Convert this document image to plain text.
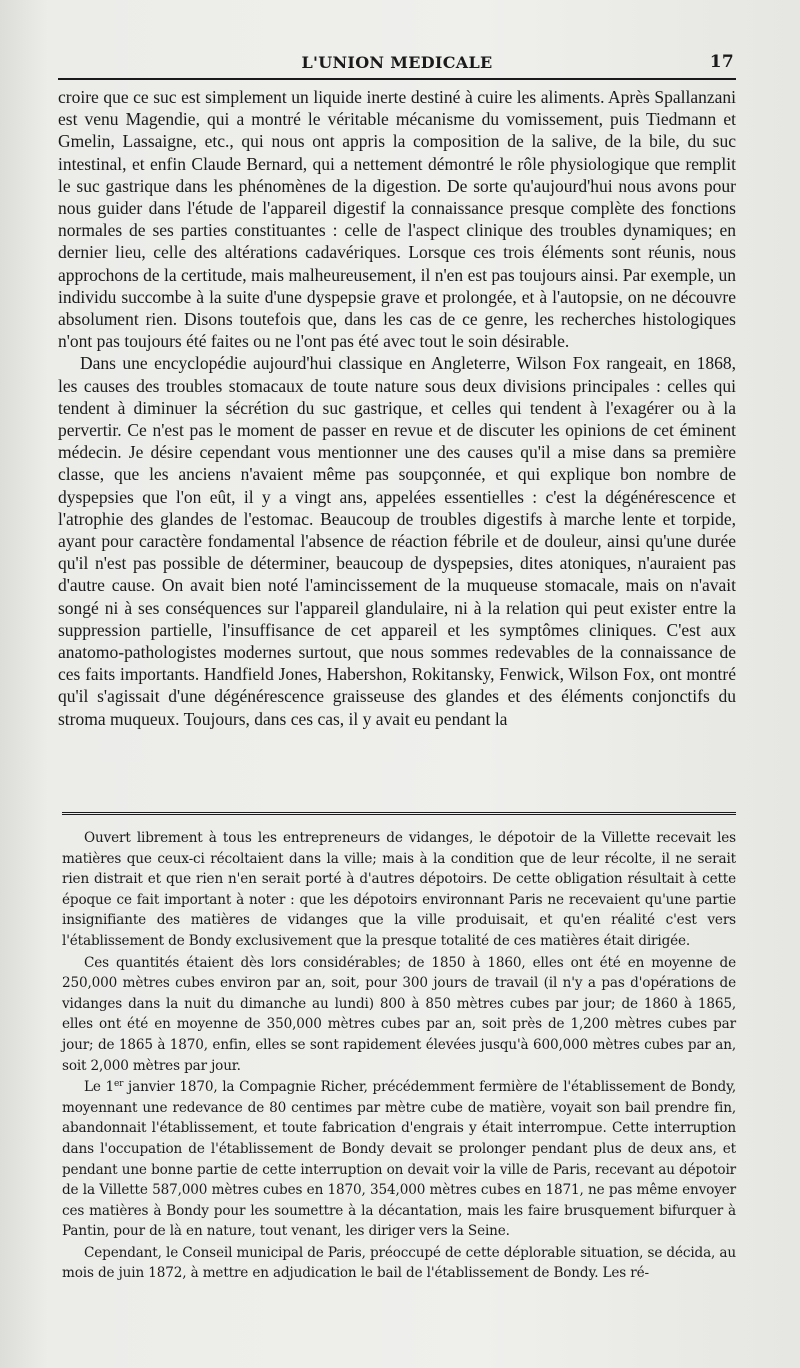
L'UNION MEDICALE	17

croire que ce suc est simplement un liquide inerte destiné à cuire les aliments. Après Spallanzani est venu Magendie, qui a montré le véritable mécanisme du vomissement, puis Tiedmann et Gmelin, Lassaigne, etc., qui nous ont appris la composition de la salive, de la bile, du suc intestinal, et enfin Claude Bernard, qui a nettement démontré le rôle physiologique que remplit le suc gastrique dans les phénomènes de la digestion. De sorte qu'aujourd'hui nous avons pour nous guider dans l'étude de l'appareil digestif la connaissance presque complète des fonctions normales de ses parties constituantes : celle de l'aspect clinique des troubles dynamiques; en dernier lieu, celle des altérations cadavériques. Lorsque ces trois éléments sont réunis, nous approchons de la certitude, mais malheureusement, il n'en est pas toujours ainsi. Par exemple, un individu succombe à la suite d'une dyspepsie grave et prolongée, et à l'autopsie, on ne découvre absolument rien. Disons toutefois que, dans les cas de ce genre, les recherches histologiques n'ont pas toujours été faites ou ne l'ont pas été avec tout le soin désirable.

Dans une encyclopédie aujourd'hui classique en Angleterre, Wilson Fox rangeait, en 1868, les causes des troubles stomacaux de toute nature sous deux divisions principales : celles qui tendent à diminuer la sécrétion du suc gastrique, et celles qui tendent à l'exagérer ou à la pervertir. Ce n'est pas le moment de passer en revue et de discuter les opinions de cet éminent médecin. Je désire cependant vous mentionner une des causes qu'il a mise dans sa première classe, que les anciens n'avaient même pas soupçonnée, et qui explique bon nombre de dyspepsies que l'on eût, il y a vingt ans, appelées essentielles : c'est la dégénérescence et l'atrophie des glandes de l'estomac. Beaucoup de troubles digestifs à marche lente et torpide, ayant pour caractère fondamental l'absence de réaction fébrile et de douleur, ainsi qu'une durée qu'il n'est pas possible de déterminer, beaucoup de dyspepsies, dites atoniques, n'auraient pas d'autre cause. On avait bien noté l'amincissement de la muqueuse stomacale, mais on n'avait songé ni à ses conséquences sur l'appareil glandulaire, ni à la relation qui peut exister entre la suppression partielle, l'insuffisance de cet appareil et les symptômes cliniques. C'est aux anatomo-pathologistes modernes surtout, que nous sommes redevables de la connaissance de ces faits importants. Handfield Jones, Habershon, Rokitansky, Fenwick, Wilson Fox, ont montré qu'il s'agissait d'une dégénérescence graisseuse des glandes et des éléments conjonctifs du stroma muqueux. Toujours, dans ces cas, il y avait eu pendant la

Ouvert librement à tous les entrepreneurs de vidanges, le dépotoir de la Villette recevait les matières que ceux-ci récoltaient dans la ville; mais à la condition que de leur récolte, il ne serait rien distrait et que rien n'en serait porté à d'autres dépotoirs. De cette obligation résultait à cette époque ce fait important à noter : que les dépotoirs environnant Paris ne recevaient qu'une partie insignifiante des matières de vidanges que la ville produisait, et qu'en réalité c'est vers l'établissement de Bondy exclusivement que la presque totalité de ces matières était dirigée.

Ces quantités étaient dès lors considérables; de 1850 à 1860, elles ont été en moyenne de 250,000 mètres cubes environ par an, soit, pour 300 jours de travail (il n'y a pas d'opérations de vidanges dans la nuit du dimanche au lundi) 800 à 850 mètres cubes par jour; de 1860 à 1865, elles ont été en moyenne de 350,000 mètres cubes par an, soit près de 1,200 mètres cubes par jour; de 1865 à 1870, enfin, elles se sont rapidement élevées jusqu'à 600,000 mètres cubes par an, soit 2,000 mètres par jour.

Le 1er janvier 1870, la Compagnie Richer, précédemment fermière de l'établissement de Bondy, moyennant une redevance de 80 centimes par mètre cube de matière, voyait son bail prendre fin, abandonnait l'établissement, et toute fabrication d'engrais y était interrompue. Cette interruption dans l'occupation de l'établissement de Bondy devait se prolonger pendant plus de deux ans, et pendant une bonne partie de cette interruption on devait voir la ville de Paris, recevant au dépotoir de la Villette 587,000 mètres cubes en 1870, 354,000 mètres cubes en 1871, ne pas même envoyer ces matières à Bondy pour les soumettre à la décantation, mais les faire brusquement bifurquer à Pantin, pour de là en nature, tout venant, les diriger vers la Seine.

Cependant, le Conseil municipal de Paris, préoccupé de cette déplorable situation, se décida, au mois de juin 1872, à mettre en adjudication le bail de l'établissement de Bondy. Les ré-
